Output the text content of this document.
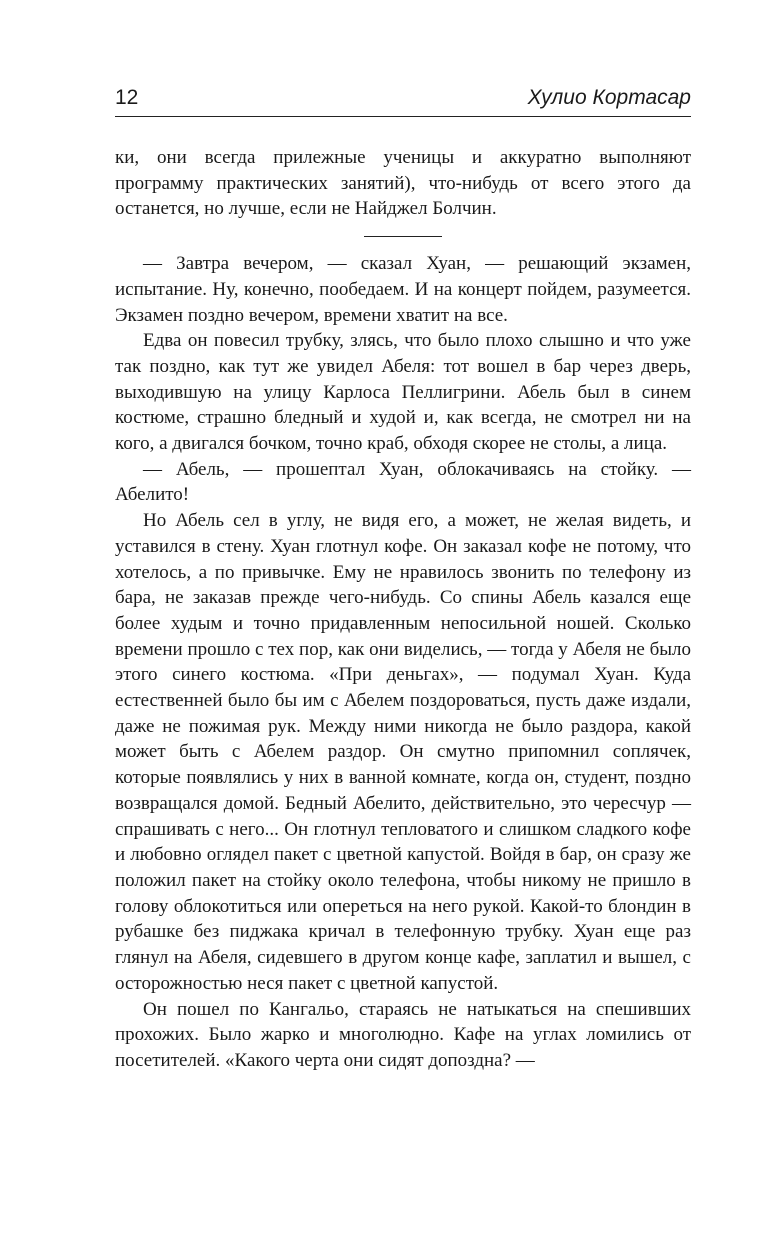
12	Хулио Кортасар

ки, они всегда прилежные ученицы и аккуратно выполняют программу практических занятий), что-нибудь от всего этого да останется, но лучше, если не Найджел Болчин.

— Завтра вечером, — сказал Хуан, — решающий экзамен, испытание. Ну, конечно, пообедаем. И на концерт пойдем, разумеется. Экзамен поздно вечером, времени хватит на все.

Едва он повесил трубку, злясь, что было плохо слышно и что уже так поздно, как тут же увидел Абеля: тот вошел в бар через дверь, выходившую на улицу Карлоса Пеллигрини. Абель был в синем костюме, страшно бледный и худой и, как всегда, не смотрел ни на кого, а двигался бочком, точно краб, обходя скорее не столы, а лица.

— Абель, — прошептал Хуан, облокачиваясь на стойку. — Абелито!

Но Абель сел в углу, не видя его, а может, не желая видеть, и уставился в стену. Хуан глотнул кофе. Он заказал кофе не потому, что хотелось, а по привычке. Ему не нравилось звонить по телефону из бара, не заказав прежде чего-нибудь. Со спины Абель казался еще более худым и точно придавленным непосильной ношей. Сколько времени прошло с тех пор, как они виделись, — тогда у Абеля не было этого синего костюма. «При деньгах», — подумал Хуан. Куда естественней было бы им с Абелем поздороваться, пусть даже издали, даже не пожимая рук. Между ними никогда не было раздора, какой может быть с Абелем раздор. Он смутно припомнил соплячек, которые появлялись у них в ванной комнате, когда он, студент, поздно возвращался домой. Бедный Абелито, действительно, это чересчур — спрашивать с него... Он глотнул тепловатого и слишком сладкого кофе и любовно оглядел пакет с цветной капустой. Войдя в бар, он сразу же положил пакет на стойку около телефона, чтобы никому не пришло в голову облокотиться или опереться на него рукой. Какой-то блондин в рубашке без пиджака кричал в телефонную трубку. Хуан еще раз глянул на Абеля, сидевшего в другом конце кафе, заплатил и вышел, с осторожностью неся пакет с цветной капустой.

Он пошел по Кангальо, стараясь не натыкаться на спешивших прохожих. Было жарко и многолюдно. Кафе на углах ломились от посетителей. «Какого черта они сидят допоздна? —
